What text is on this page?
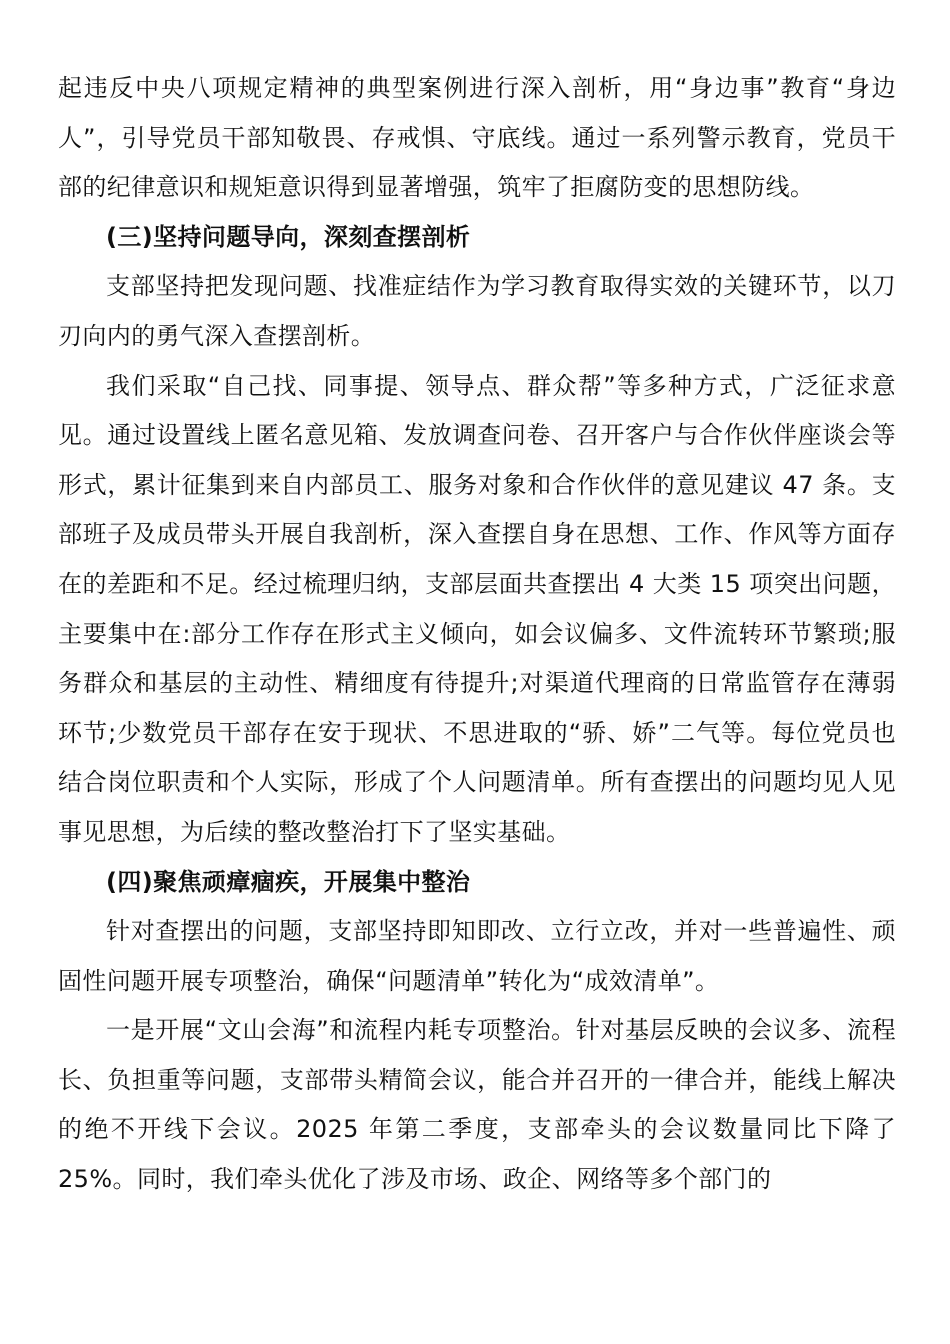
起违反中央八项规定精神的典型案例进行深入剖析，用“身边事”教育“身边人”，引导党员干部知敬畏、存戒惧、守底线。通过一系列警示教育，党员干部的纪律意识和规矩意识得到显著增强，筑牢了拒腐防变的思想防线。

(三)坚持问题导向，深刻查摆剖析

支部坚持把发现问题、找准症结作为学习教育取得实效的关键环节，以刀刃向内的勇气深入查摆剖析。

我们采取“自己找、同事提、领导点、群众帮”等多种方式，广泛征求意见。通过设置线上匿名意见箱、发放调查问卷、召开客户与合作伙伴座谈会等形式，累计征集到来自内部员工、服务对象和合作伙伴的意见建议 47 条。支部班子及成员带头开展自我剖析，深入查摆自身在思想、工作、作风等方面存在的差距和不足。经过梳理归纳，支部层面共查摆出 4 大类 15 项突出问题，主要集中在:部分工作存在形式主义倾向，如会议偏多、文件流转环节繁琐;服务群众和基层的主动性、精细度有待提升;对渠道代理商的日常监管存在薄弱环节;少数党员干部存在安于现状、不思进取的“骄、娇”二气等。每位党员也结合岗位职责和个人实际，形成了个人问题清单。所有查摆出的问题均见人见事见思想，为后续的整改整治打下了坚实基础。

(四)聚焦顽瘴痼疾，开展集中整治

针对查摆出的问题，支部坚持即知即改、立行立改，并对一些普遍性、顽固性问题开展专项整治，确保“问题清单”转化为“成效清单”。

一是开展“文山会海”和流程内耗专项整治。针对基层反映的会议多、流程长、负担重等问题，支部带头精简会议，能合并召开的一律合并，能线上解决的绝不开线下会议。2025 年第二季度，支部牵头的会议数量同比下降了 25%。同时，我们牵头优化了涉及市场、政企、网络等多个部门的
